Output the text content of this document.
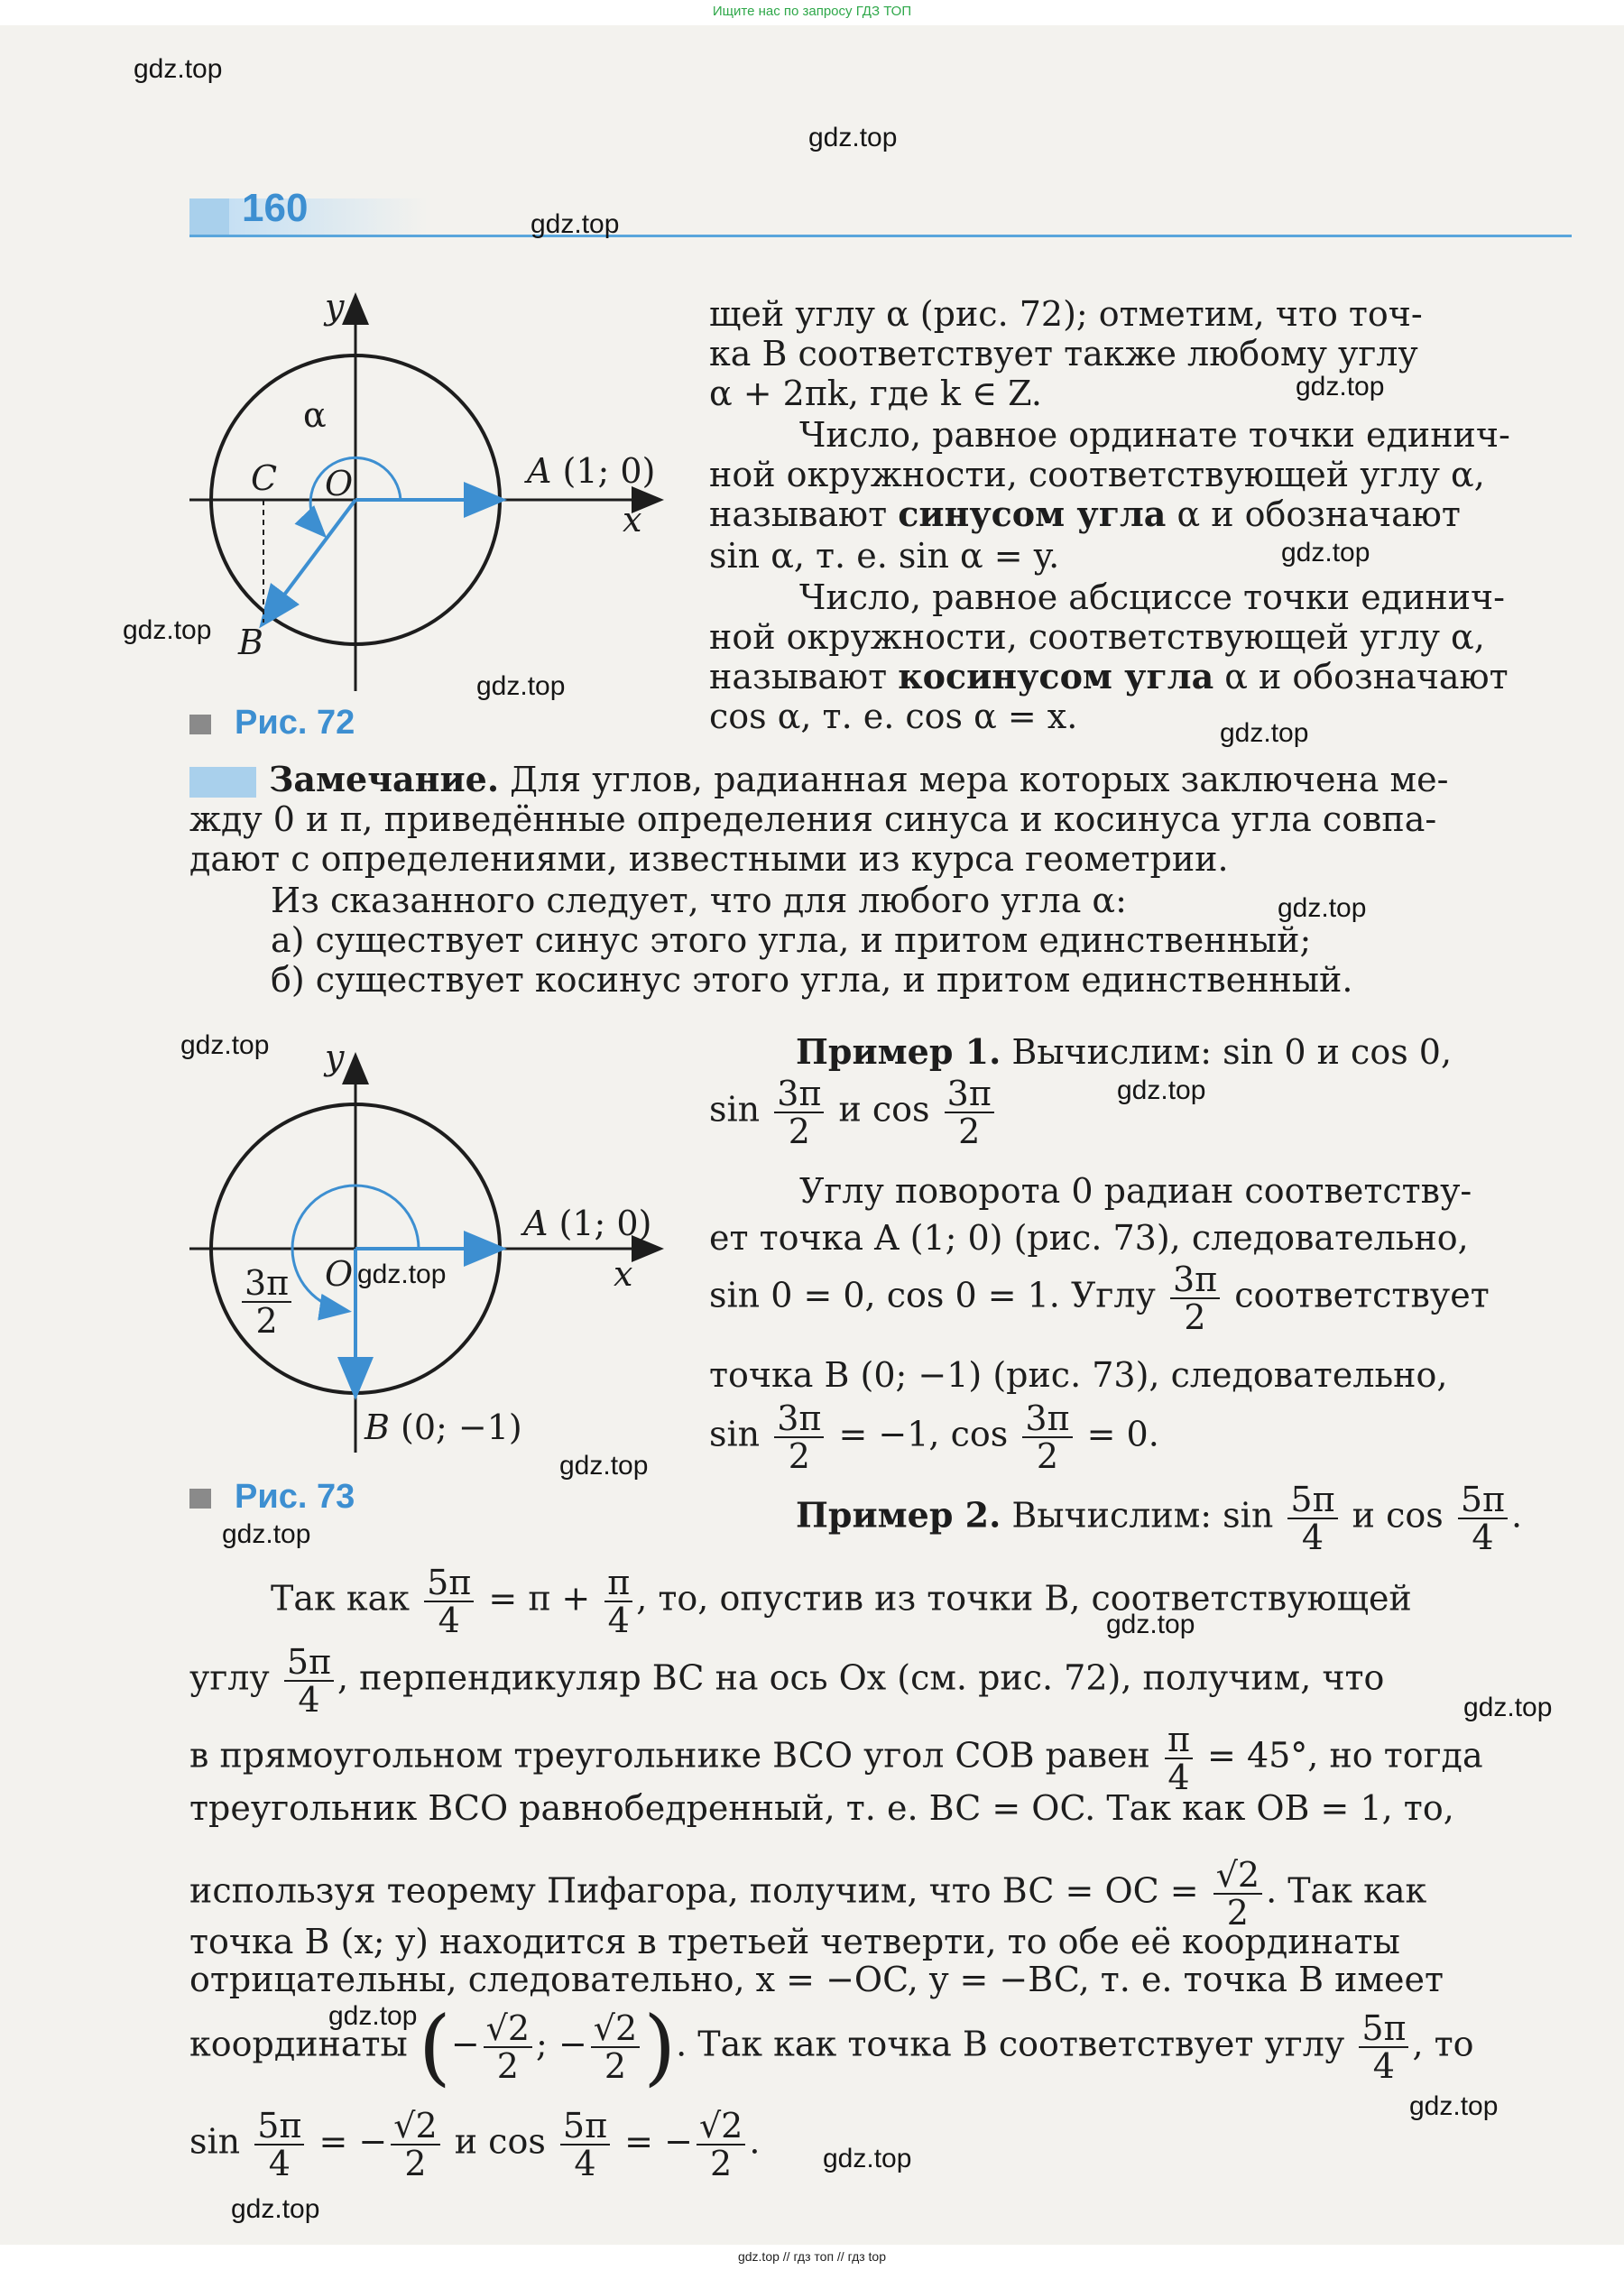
Ищите нас по запросу ГДЗ ТОП
160
y
x
α
C O	A (1; 0)
B
Рис. 72
щей углу α (рис. 72); отметим, что точ-
ка B соответствует также любому углу
α + 2πk, где k ∈ Z.
Число, равное ординате точки единич-
ной окружности, соответствующей углу α,
называют синусом угла α и обозначают
sin α, т. е. sin α = y.
Число, равное абсциссе точки единич-
ной окружности, соответствующей углу α,
называют косинусом угла α и обозначают
cos α, т. е. cos α = x.
Замечание. Для углов, радианная мера которых заключена ме-
жду 0 и π, приведённые определения синуса и косинуса угла совпа-
дают с определениями, известными из курса геометрии.
Из сказанного следует, что для любого угла α:
а) существует синус этого угла, и притом единственный;
б) существует косинус этого угла, и притом единственный.
y
x
O
A (1; 0)
B (0; −1)
$\frac{3\pi}{2}$
Рис. 73
Пример 1. Вычислим: sin 0 и cos 0,
$\sin \frac{3\pi}{2}$ и $\cos \frac{3\pi}{2}$
Углу поворота 0 радиан соответству-
ет точка A (1; 0) (рис. 73), следовательно,
sin 0 = 0, cos 0 = 1. Углу $\frac{3\pi}{2}$ соответствует
точка B (0; −1) (рис. 73), следовательно,
$\sin \frac{3\pi}{2} = -1$, $\cos \frac{3\pi}{2} = 0$.
Пример 2. Вычислим: $\sin \frac{5\pi}{4}$ и $\cos \frac{5\pi}{4}$ .
Так как $\frac{5\pi}{4} = \pi + \frac{\pi}{4}$ , то, опустив из точки B, соответствующей
углу $\frac{5\pi}{4}$ , перпендикуляр BC на ось Ox (см. рис. 72), получим, что
в прямоугольном треугольнике BCO угол COB равен $\frac{\pi}{4} = 45^\circ$, но тогда
треугольник BCO равнобедренный, т. е. BC = OC. Так как OB = 1, то,
используя теорему Пифагора, получим, что BC = OC = $\frac{√2}{2}$ . Так как
точка B (x; y) находится в третьей четверти, то обе её координаты
отрицательны, следовательно, x = −OC, y = −BC, т. е. точка B имеет
координаты (− $\frac{√2}{2}$ ; − $\frac{√2}{2}$ ). Так как точка B соответствует углу $\frac{5\pi}{4}$ , то
$\sin \frac{5\pi}{4}$ = − $\frac{√2}{2}$ и $\cos \frac{5\pi}{4}$ = − $\frac{√2}{2}$ .
gdz.top
gdz.top
gdz.top
gdz.top
gdz.top
gdz.top
gdz.top
gdz.top
gdz.top
gdz.top
gdz.top
gdz.top
gdz.top
gdz.top
gdz.top
gdz.top
gdz.top
gdz.top
gdz.top
gdz.top
gdz.top // гдз топ // гдз top
